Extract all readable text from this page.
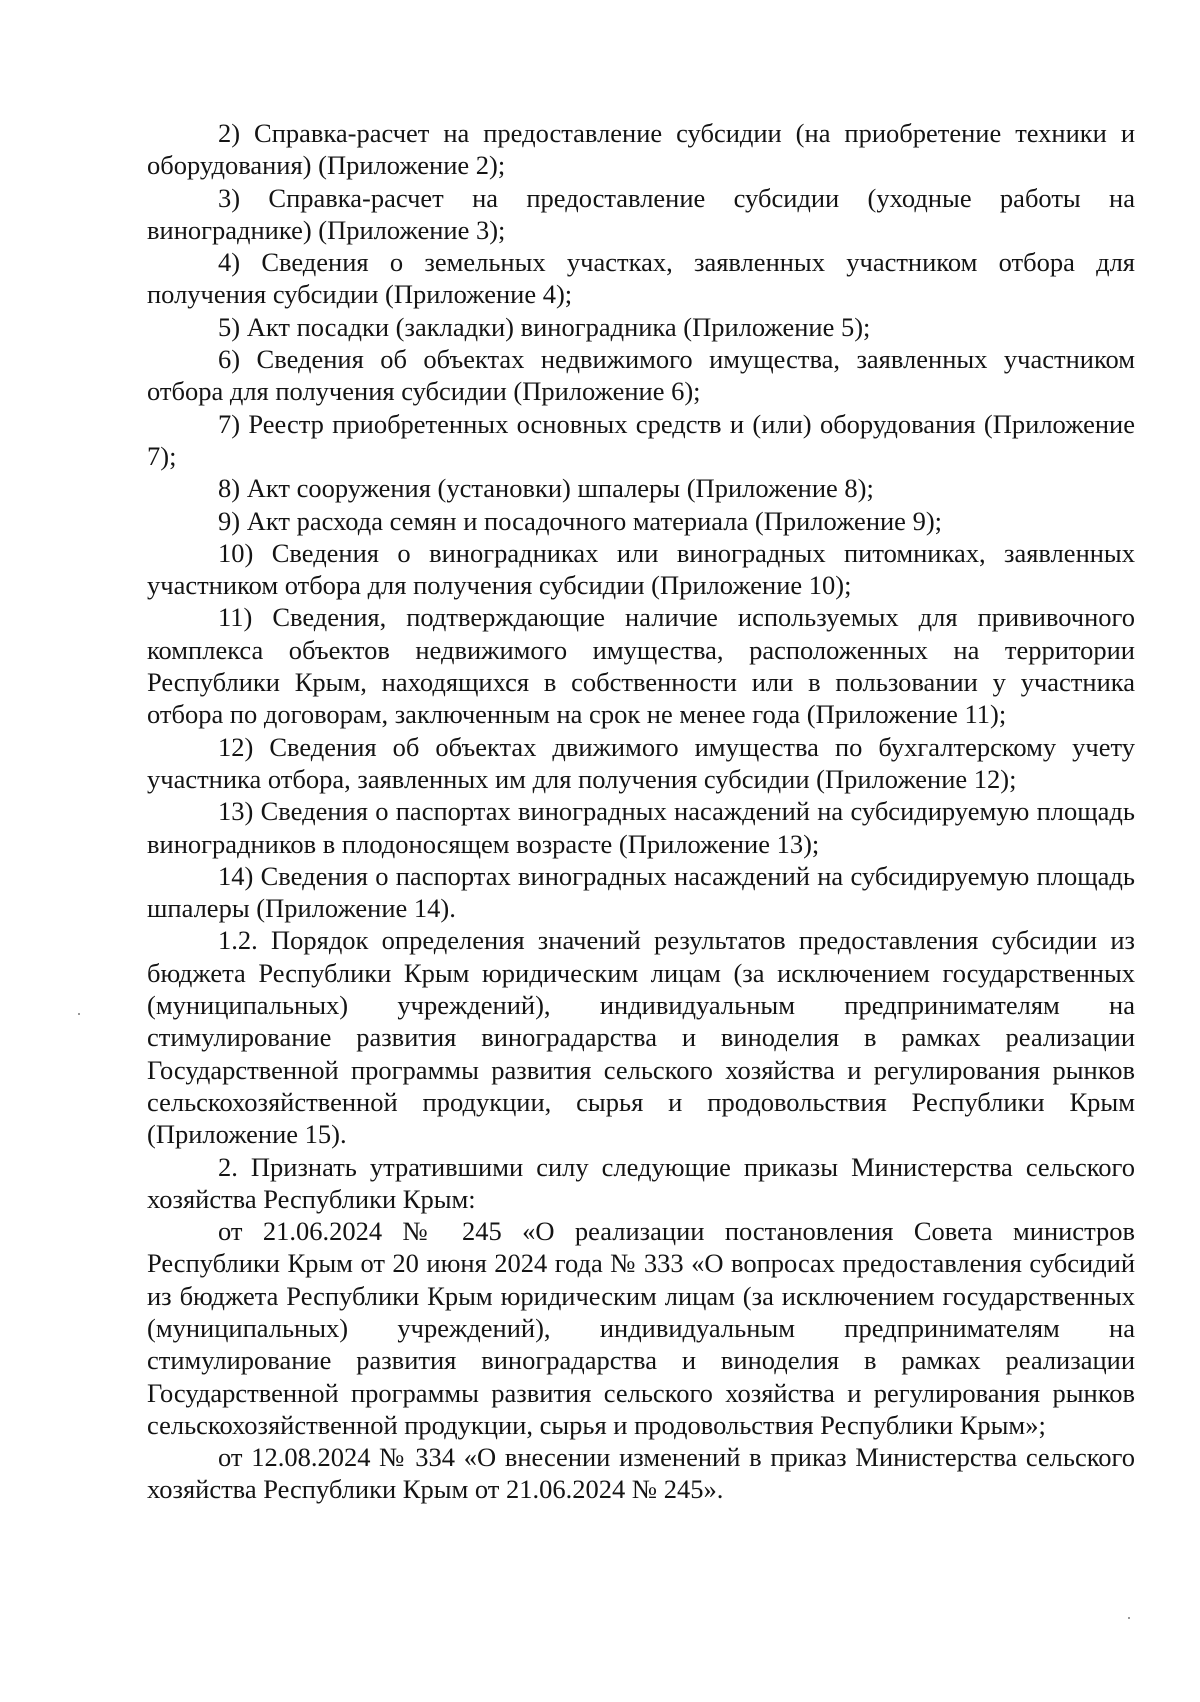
2) Справка-расчет на предоставление субсидии (на приобретение техники и оборудования) (Приложение 2);

3) Справка-расчет на предоставление субсидии (уходные работы на винограднике) (Приложение 3);

4) Сведения о земельных участках, заявленных участником отбора для получения субсидии (Приложение 4);

5) Акт посадки (закладки) виноградника (Приложение 5);

6) Сведения об объектах недвижимого имущества, заявленных участником отбора для получения субсидии (Приложение 6);

7) Реестр приобретенных основных средств и (или) оборудования (Приложение 7);

8) Акт сооружения (установки) шпалеры (Приложение 8);

9) Акт расхода семян и посадочного материала (Приложение 9);

10) Сведения о виноградниках или виноградных питомниках, заявленных участником отбора для получения субсидии (Приложение 10);

11) Сведения, подтверждающие наличие используемых для прививочного комплекса объектов недвижимого имущества, расположенных на территории Республики Крым, находящихся в собственности или в пользовании у участника отбора по договорам, заключенным на срок не менее года (Приложение 11);

12) Сведения об объектах движимого имущества по бухгалтерскому учету участника отбора, заявленных им для получения субсидии (Приложение 12);

13) Сведения о паспортах виноградных насаждений на субсидируемую площадь виноградников в плодоносящем возрасте (Приложение 13);

14) Сведения о паспортах виноградных насаждений на субсидируемую площадь шпалеры (Приложение 14).

1.2. Порядок определения значений результатов предоставления субсидии из бюджета Республики Крым юридическим лицам (за исключением государственных (муниципальных) учреждений), индивидуальным предпринимателям на стимулирование развития виноградарства и виноделия в рамках реализации Государственной программы развития сельского хозяйства и регулирования рынков сельскохозяйственной продукции, сырья и продовольствия Республики Крым (Приложение 15).

2. Признать утратившими силу следующие приказы Министерства сельского хозяйства Республики Крым:

от 21.06.2024 № 245 «О реализации постановления Совета министров Республики Крым от 20 июня 2024 года № 333 «О вопросах предоставления субсидий из бюджета Республики Крым юридическим лицам (за исключением государственных (муниципальных) учреждений), индивидуальным предпринимателям на стимулирование развития виноградарства и виноделия в рамках реализации Государственной программы развития сельского хозяйства и регулирования рынков сельскохозяйственной продукции, сырья и продовольствия Республики Крым»;

от 12.08.2024 № 334 «О внесении изменений в приказ Министерства сельского хозяйства Республики Крым от 21.06.2024 № 245».
